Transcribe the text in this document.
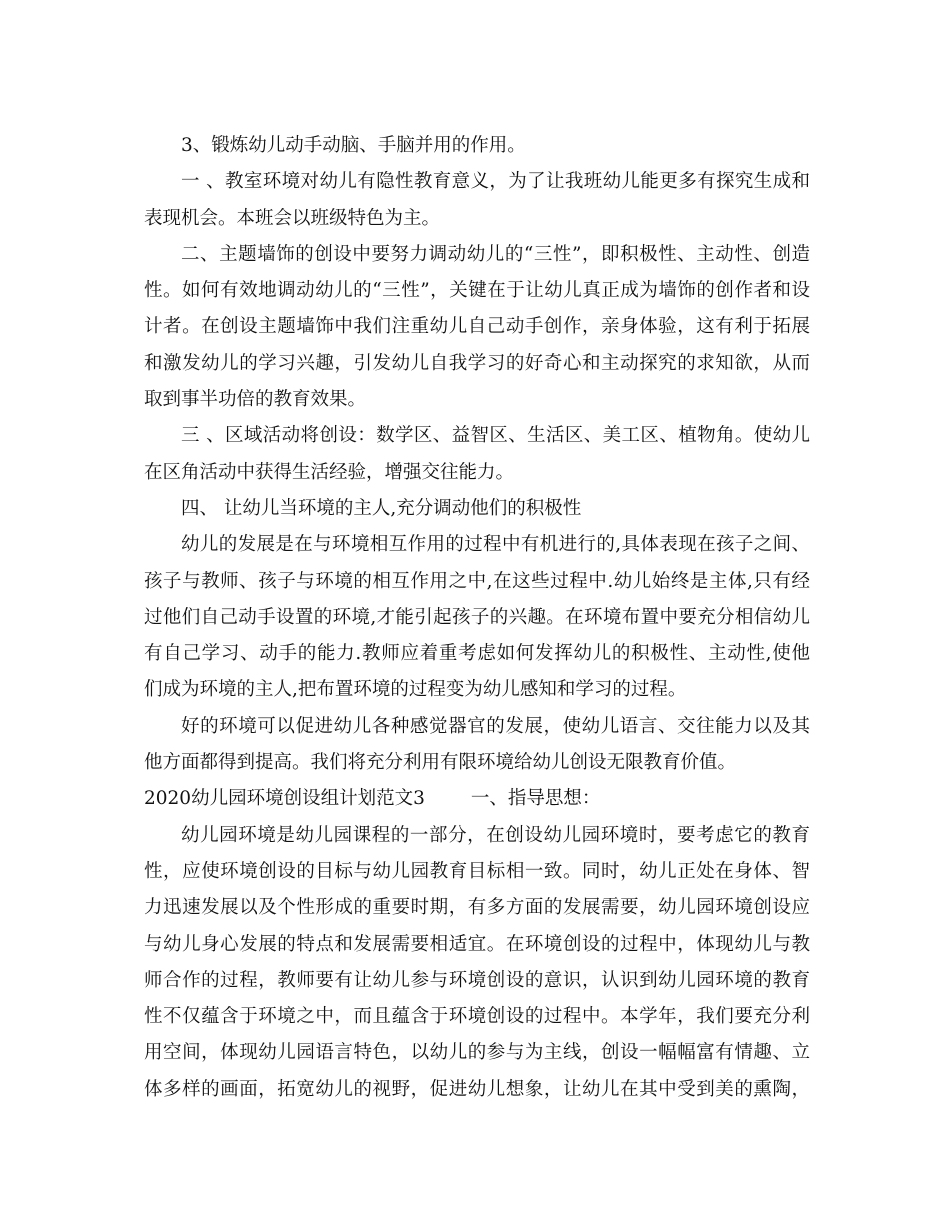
3、锻炼幼儿动手动脑、手脑并用的作用。
一 、教室环境对幼儿有隐性教育意义，为了让我班幼儿能更多有探究生成和
表现机会。本班会以班级特色为主。
二、主题墙饰的创设中要努力调动幼儿的“三性”，即积极性、主动性、创造
性。如何有效地调动幼儿的“三性”，关键在于让幼儿真正成为墙饰的创作者和设
计者。在创设主题墙饰中我们注重幼儿自己动手创作，亲身体验，这有利于拓展
和激发幼儿的学习兴趣，引发幼儿自我学习的好奇心和主动探究的求知欲，从而
取到事半功倍的教育效果。
三 、区域活动将创设：数学区、益智区、生活区、美工区、植物角。使幼儿
在区角活动中获得生活经验，增强交往能力。
四、 让幼儿当环境的主人,充分调动他们的积极性
幼儿的发展是在与环境相互作用的过程中有机进行的,具体表现在孩子之间、
孩子与教师、孩子与环境的相互作用之中,在这些过程中.幼儿始终是主体,只有经
过他们自己动手设置的环境,才能引起孩子的兴趣。在环境布置中要充分相信幼儿
有自己学习、动手的能力.教师应着重考虑如何发挥幼儿的积极性、主动性,使他
们成为环境的主人,把布置环境的过程变为幼儿感知和学习的过程。
好的环境可以促进幼儿各种感觉器官的发展，使幼儿语言、交往能力以及其
他方面都得到提高。我们将充分利用有限环境给幼儿创设无限教育价值。
2020幼儿园环境创设组计划范文3 一、指导思想：
幼儿园环境是幼儿园课程的一部分，在创设幼儿园环境时，要考虑它的教育
性，应使环境创设的目标与幼儿园教育目标相一致。同时，幼儿正处在身体、智
力迅速发展以及个性形成的重要时期，有多方面的发展需要，幼儿园环境创设应
与幼儿身心发展的特点和发展需要相适宜。在环境创设的过程中，体现幼儿与教
师合作的过程，教师要有让幼儿参与环境创设的意识，认识到幼儿园环境的教育
性不仅蕴含于环境之中，而且蕴含于环境创设的过程中。本学年，我们要充分利
用空间，体现幼儿园语言特色，以幼儿的参与为主线，创设一幅幅富有情趣、立
体多样的画面，拓宽幼儿的视野，促进幼儿想象，让幼儿在其中受到美的熏陶，
